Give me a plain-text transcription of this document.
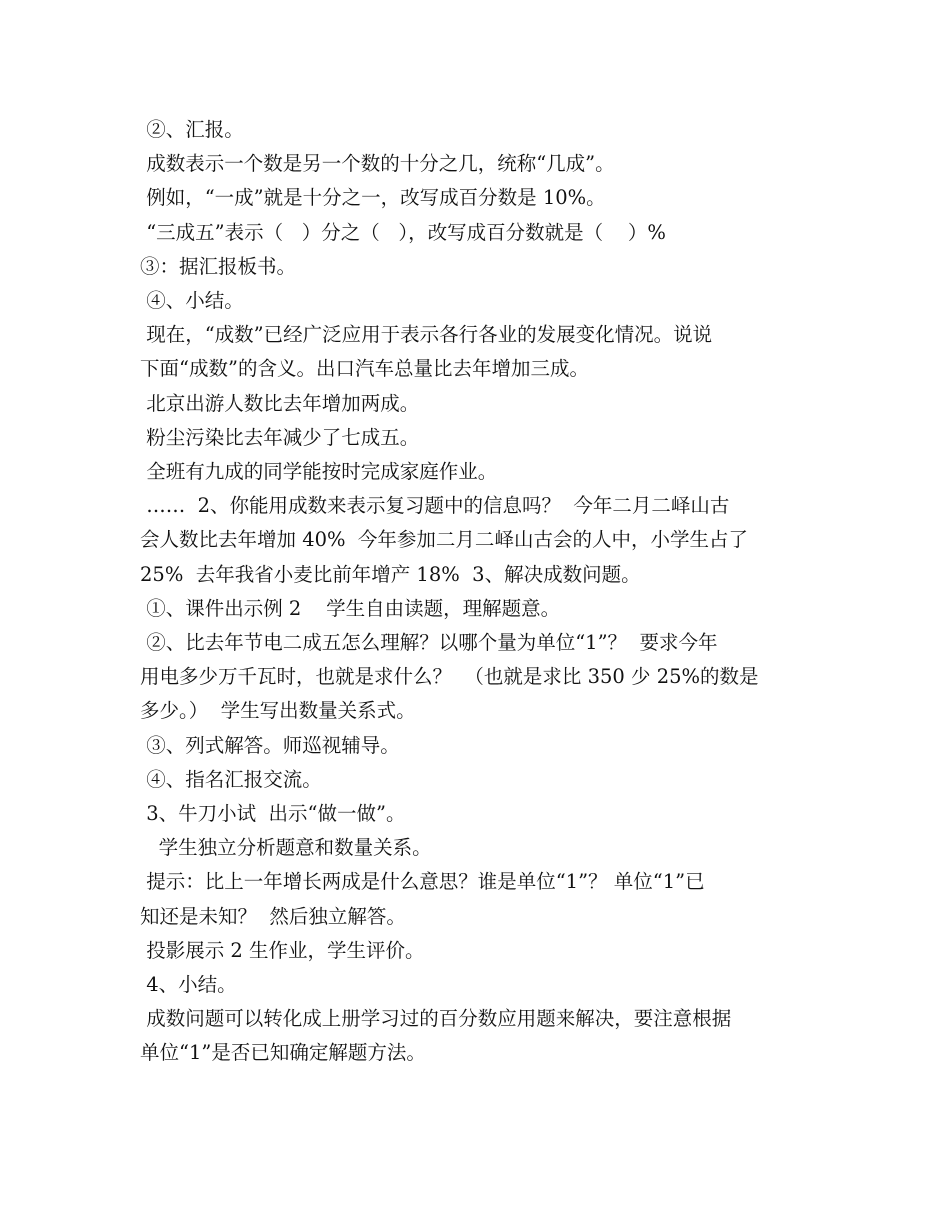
②、汇报。
成数表示一个数是另一个数的十分之几，统称“几成”。
例如，“一成”就是十分之一，改写成百分数是 10%。
“三成五”表示（   ）分之（   ），改写成百分数就是（    ）%
③：据汇报板书。
④、小结。
现在，“成数”已经广泛应用于表示各行各业的发展变化情况。说说
下面“成数”的含义。出口汽车总量比去年增加三成。
北京出游人数比去年增加两成。
粉尘污染比去年减少了七成五。
全班有九成的同学能按时完成家庭作业。
……  2、你能用成数来表示复习题中的信息吗？  今年二月二峄山古
会人数比去年增加 40%  今年参加二月二峄山古会的人中，小学生占了
25%  去年我省小麦比前年增产 18%  3、解决成数问题。
①、课件出示例 2    学生自由读题，理解题意。
②、比去年节电二成五怎么理解？以哪个量为单位“1”？  要求今年
用电多少万千瓦时，也就是求什么？  （也就是求比 350 少 25%的数是
多少。）  学生写出数量关系式。
③、列式解答。师巡视辅导。
④、指名汇报交流。
3、牛刀小试  出示“做一做”。
学生独立分析题意和数量关系。
提示：比上一年增长两成是什么意思？谁是单位“1”？ 单位“1”已
知还是未知？  然后独立解答。
投影展示 2 生作业，学生评价。
4、小结。
成数问题可以转化成上册学习过的百分数应用题来解决，要注意根据
单位“1”是否已知确定解题方法。
